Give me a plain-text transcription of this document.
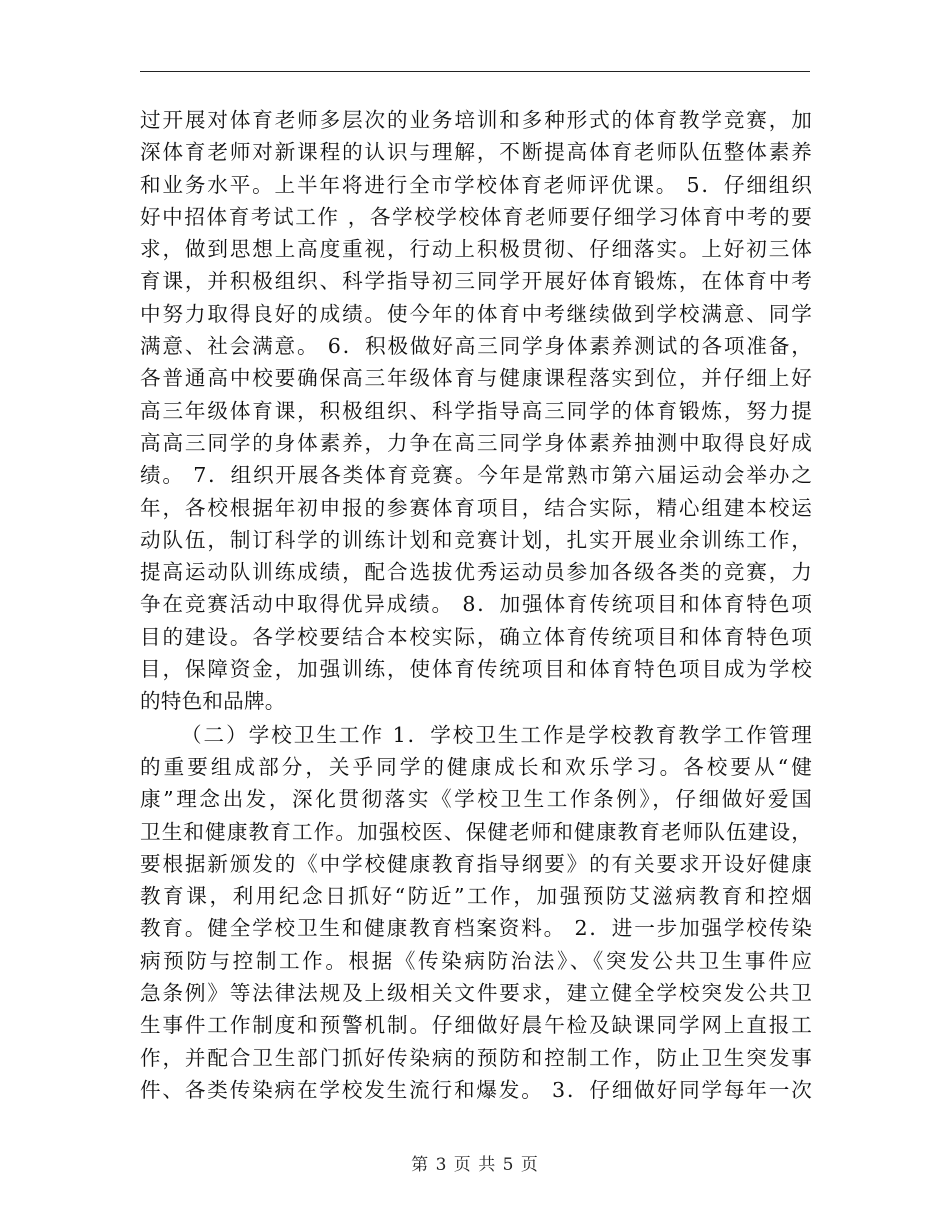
过开展对体育老师多层次的业务培训和多种形式的体育教学竞赛，加
深体育老师对新课程的认识与理解，不断提高体育老师队伍整体素养
和业务水平。上半年将进行全市学校体育老师评优课。 5．仔细组织
好中招体育考试工作 ，各学校学校体育老师要仔细学习体育中考的要
求，做到思想上高度重视，行动上积极贯彻、仔细落实。上好初三体
育课，并积极组织、科学指导初三同学开展好体育锻炼，在体育中考
中努力取得良好的成绩。使今年的体育中考继续做到学校满意、同学
满意、社会满意。 6．积极做好高三同学身体素养测试的各项准备，
各普通高中校要确保高三年级体育与健康课程落实到位，并仔细上好
高三年级体育课，积极组织、科学指导高三同学的体育锻炼，努力提
高高三同学的身体素养，力争在高三同学身体素养抽测中取得良好成
绩。 7．组织开展各类体育竞赛。今年是常熟市第六届运动会举办之
年，各校根据年初申报的参赛体育项目，结合实际，精心组建本校运
动队伍，制订科学的训练计划和竞赛计划，扎实开展业余训练工作，
提高运动队训练成绩，配合选拔优秀运动员参加各级各类的竞赛，力
争在竞赛活动中取得优异成绩。 8．加强体育传统项目和体育特色项
目的建设。各学校要结合本校实际，确立体育传统项目和体育特色项
目，保障资金，加强训练，使体育传统项目和体育特色项目成为学校
的特色和品牌。
（二）学校卫生工作 1．学校卫生工作是学校教育教学工作管理
的重要组成部分，关乎同学的健康成长和欢乐学习。各校要从“健
康”理念出发，深化贯彻落实《学校卫生工作条例》，仔细做好爱国
卫生和健康教育工作。加强校医、保健老师和健康教育老师队伍建设，
要根据新颁发的《中学校健康教育指导纲要》的有关要求开设好健康
教育课，利用纪念日抓好“防近”工作，加强预防艾滋病教育和控烟
教育。健全学校卫生和健康教育档案资料。 2．进一步加强学校传染
病预防与控制工作。根据《传染病防治法》、《突发公共卫生事件应
急条例》等法律法规及上级相关文件要求，建立健全学校突发公共卫
生事件工作制度和预警机制。仔细做好晨午检及缺课同学网上直报工
作，并配合卫生部门抓好传染病的预防和控制工作，防止卫生突发事
件、各类传染病在学校发生流行和爆发。 3．仔细做好同学每年一次
第 3 页 共 5 页
